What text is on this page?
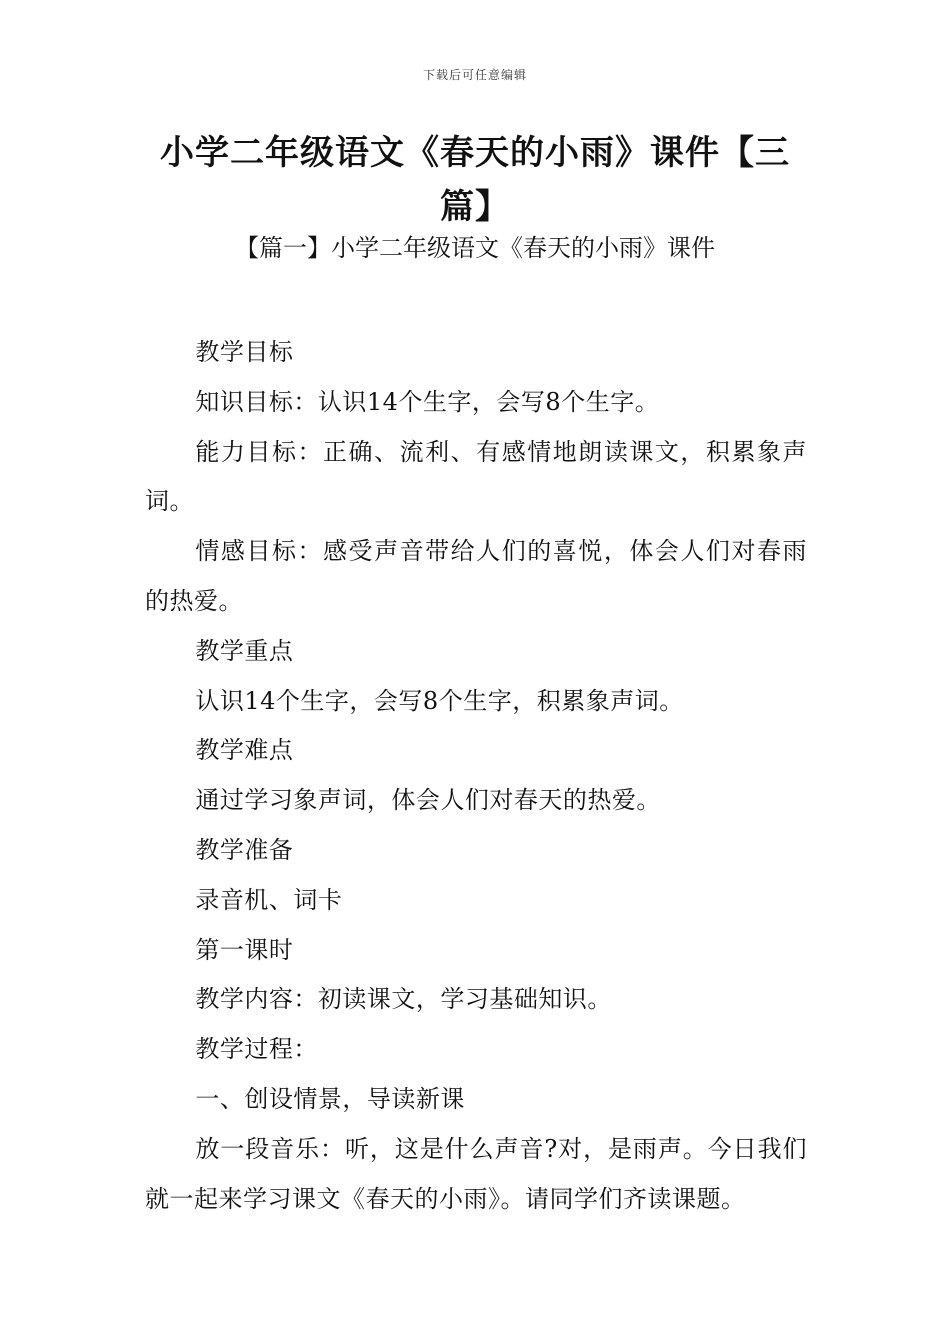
下载后可任意编辑
小学二年级语文《春天的小雨》课件【三篇】
【篇一】小学二年级语文《春天的小雨》课件

教学目标

知识目标：认识14个生字，会写8个生字。

能力目标：正确、流利、有感情地朗读课文，积累象声词。

情感目标：感受声音带给人们的喜悦，体会人们对春雨的热爱。

教学重点

认识14个生字，会写8个生字，积累象声词。

教学难点

通过学习象声词，体会人们对春天的热爱。

教学准备

录音机、词卡

第一课时

教学内容：初读课文，学习基础知识。

教学过程：

一、创设情景，导读新课

放一段音乐：听，这是什么声音?对，是雨声。今日我们就一起来学习课文《春天的小雨》。请同学们齐读课题。
